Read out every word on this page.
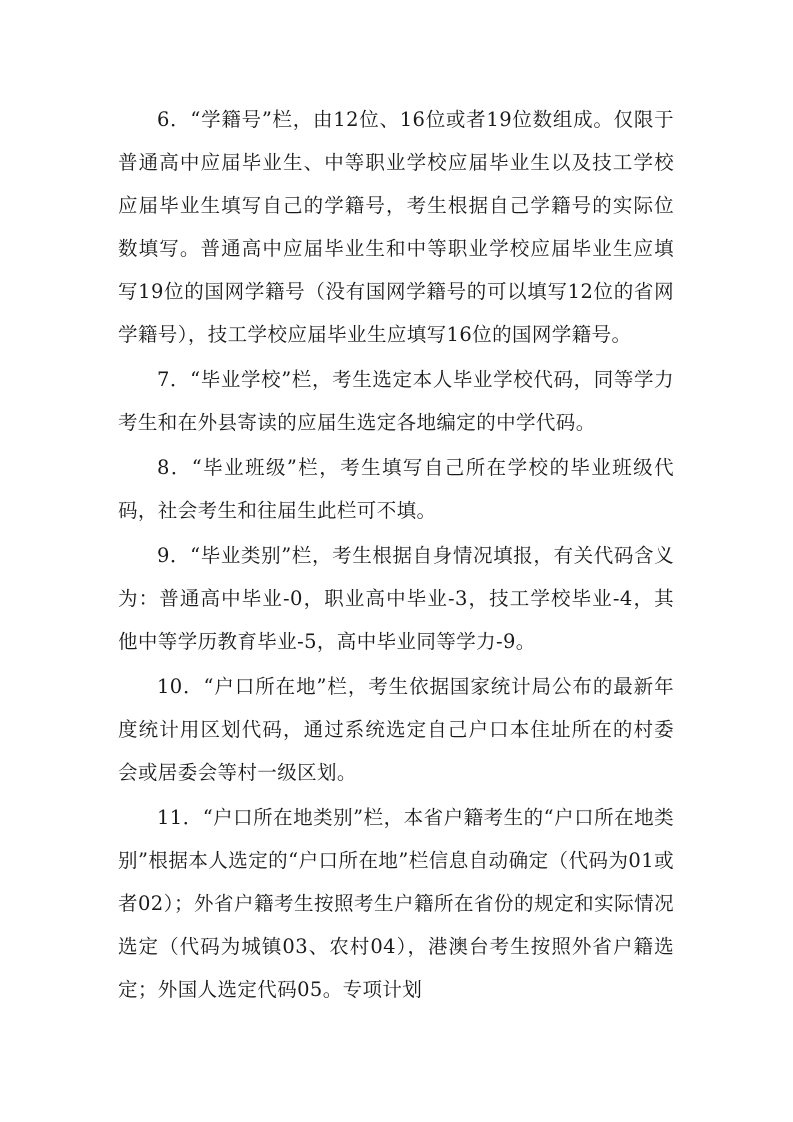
6．“学籍号”栏，由12位、16位或者19位数组成。仅限于普通高中应届毕业生、中等职业学校应届毕业生以及技工学校应届毕业生填写自己的学籍号，考生根据自己学籍号的实际位数填写。普通高中应届毕业生和中等职业学校应届毕业生应填写19位的国网学籍号（没有国网学籍号的可以填写12位的省网学籍号），技工学校应届毕业生应填写16位的国网学籍号。

7．“毕业学校”栏，考生选定本人毕业学校代码，同等学力考生和在外县寄读的应届生选定各地编定的中学代码。

8．“毕业班级”栏，考生填写自己所在学校的毕业班级代码，社会考生和往届生此栏可不填。

9．“毕业类别”栏，考生根据自身情况填报，有关代码含义为：普通高中毕业-0，职业高中毕业-3，技工学校毕业-4，其他中等学历教育毕业-5，高中毕业同等学力-9。

10．“户口所在地”栏，考生依据国家统计局公布的最新年度统计用区划代码，通过系统选定自己户口本住址所在的村委会或居委会等村一级区划。

11．“户口所在地类别”栏，本省户籍考生的“户口所在地类别”根据本人选定的“户口所在地”栏信息自动确定（代码为01或者02）；外省户籍考生按照考生户籍所在省份的规定和实际情况选定（代码为城镇03、农村04），港澳台考生按照外省户籍选定；外国人选定代码05。专项计划
